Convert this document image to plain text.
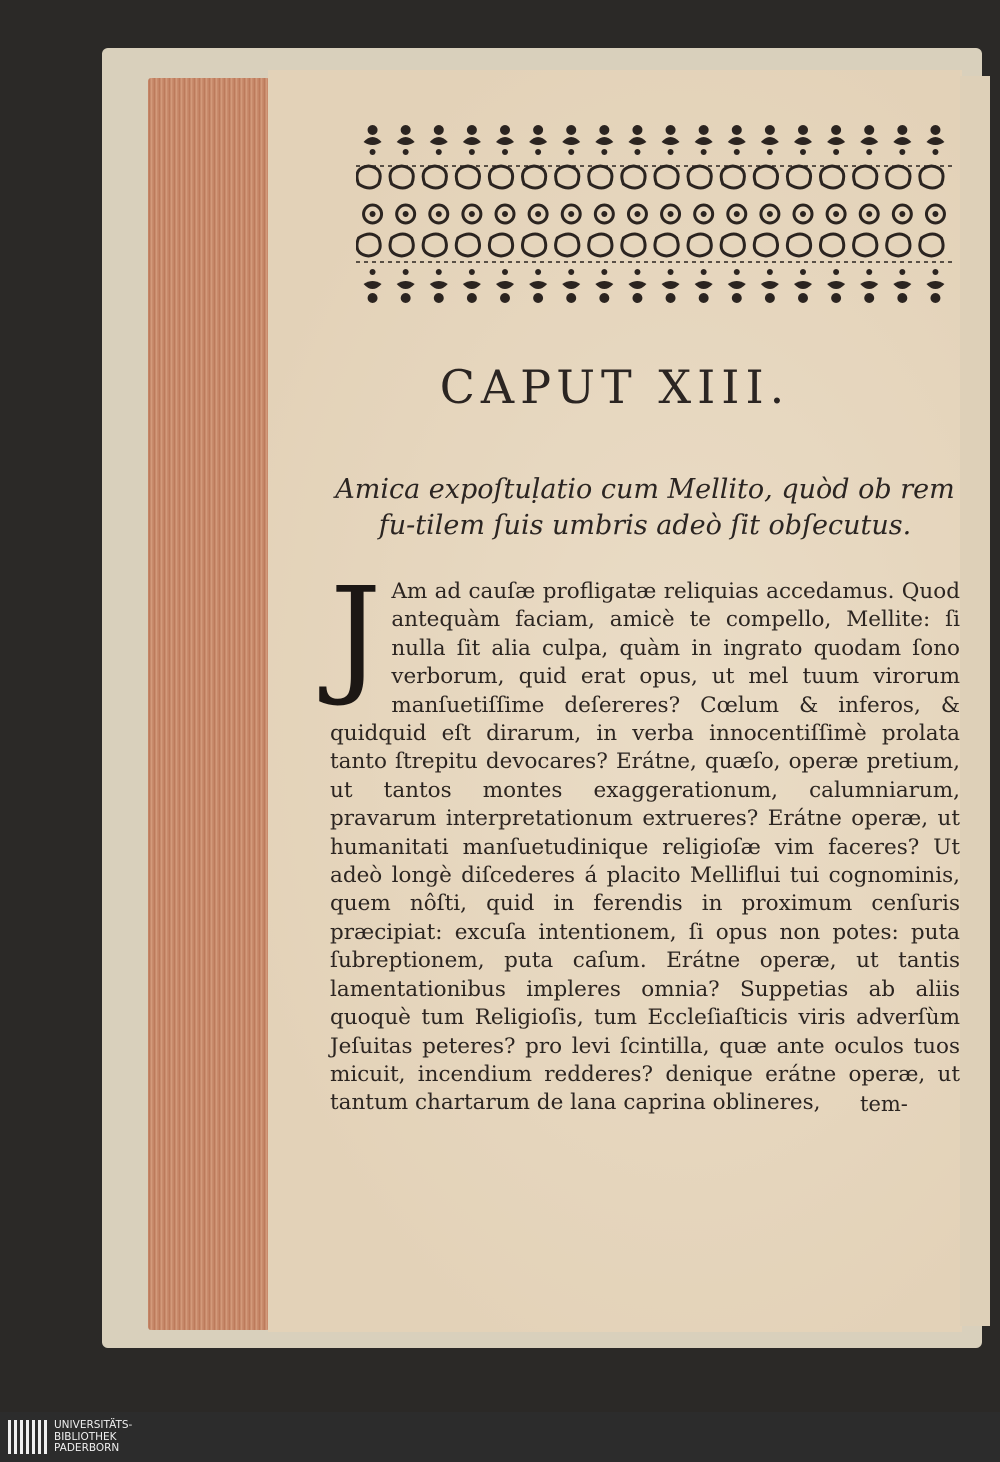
CAPUT XIII.

Amica expoſtuḷatio cum Mellito, quòd ob rem fu-tilem ſuis umbris adeò ſit obſecutus.

J Am ad cauſæ profligatæ reliquias accedamus. Quod antequàm faciam, amicè te compello, Mellite: ſi nulla ſit alia culpa, quàm in ingrato quodam ſono verborum, quid erat opus, ut mel tuum virorum manſuetiſſime deſereres? Cœlum & inferos, & quidquid eſt dirarum, in verba innocentiſſimè prolata tanto ſtrepitu devocares? Erátne, quæſo, operæ pretium, ut tantos montes exaggerationum, calumniarum, pravarum interpretationum extrueres? Erátne operæ, ut humanitati manſuetudinique religioſæ vim faceres? Ut adeò longè diſcederes á placito Melliflui tui cognominis, quem nôſti, quid in ferendis in proximum cenſuris præcipiat: excuſa intentionem, ſi opus non potes: puta ſubreptionem, puta caſum. Erátne operæ, ut tantis lamentationibus impleres omnia? Suppetias ab aliis quoquè tum Religioſis, tum Eccleſiaſticis viris adverſùm Jeſuitas peteres? pro levi ſcintilla, quæ ante oculos tuos micuit, incendium redderes? denique erátne operæ, ut tantum chartarum de lana caprina oblineres,	tem-
UNIVERSITÄTS-
BIBLIOTHEK
PADERBORN
